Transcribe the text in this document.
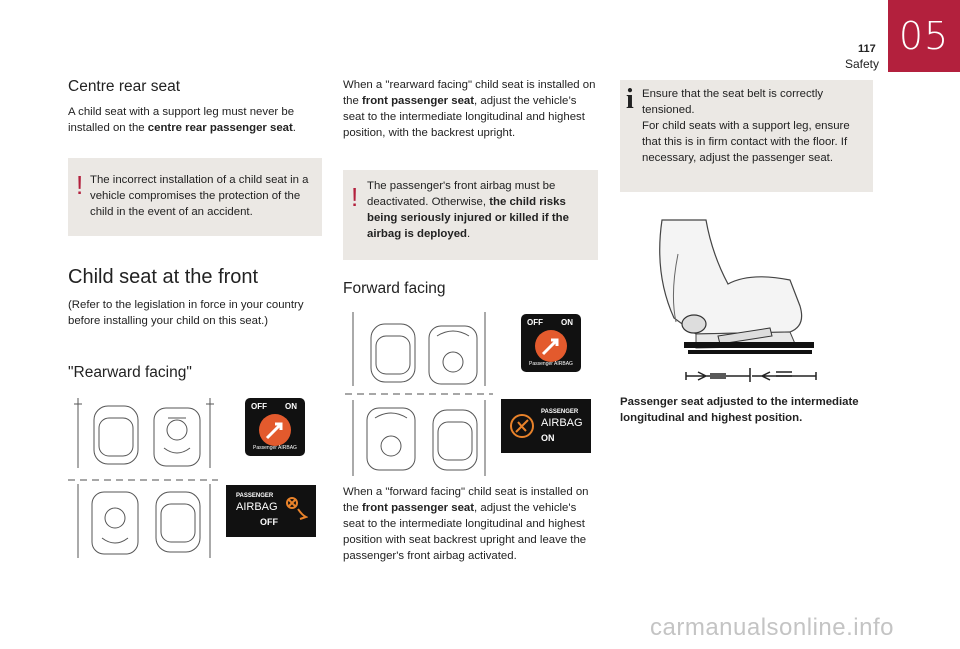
117
Safety
05
Centre rear seat

A child seat with a support leg must never be installed on the centre rear passenger seat.

! The incorrect installation of a child seat in a vehicle compromises the protection of the child in the event of an accident.

Child seat at the front

(Refer to the legislation in force in your country before installing your child on this seat.)

"Rearward facing"
OFF ON
Passenger AIRBAG
PASSENGER
AIRBAG
OFF

When a "rearward facing" child seat is installed on the front passenger seat, adjust the vehicle’s seat to the intermediate longitudinal and highest position, with the backrest upright.

! The passenger's front airbag must be deactivated. Otherwise, the child risks being seriously injured or killed if the airbag is deployed.

Forward facing
OFF ON
Passenger AIRBAG
PASSENGER
AIRBAG
ON

When a "forward facing" child seat is installed on the front passenger seat, adjust the vehicle's seat to the intermediate longitudinal and highest position with seat backrest upright and leave the passenger's front airbag activated.

i Ensure that the seat belt is correctly tensioned.

For child seats with a support leg, ensure that this is in firm contact with the floor. If necessary, adjust the passenger seat.

Passenger seat adjusted to the intermediate longitudinal and highest position.

carmanualsonline.info
